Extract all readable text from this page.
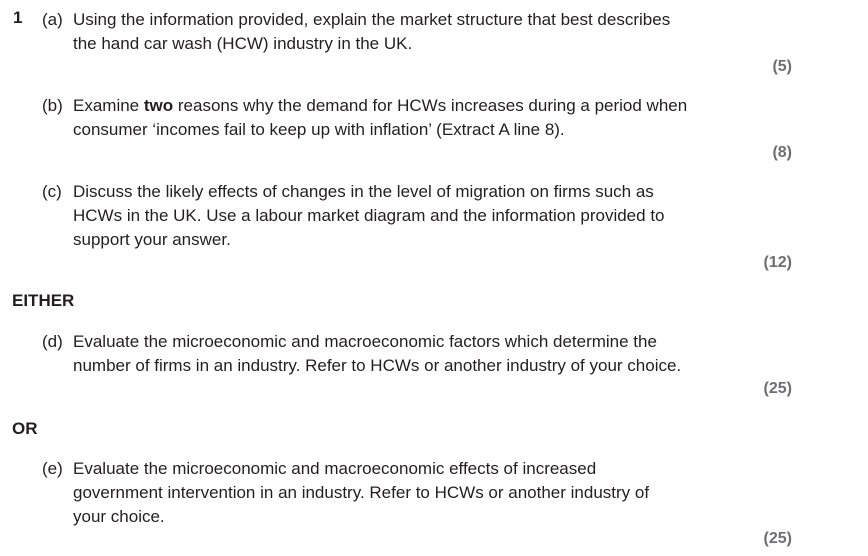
1 (a) Using the information provided, explain the market structure that best describes
the hand car wash (HCW) industry in the UK.
(5)
(b) Examine two reasons why the demand for HCWs increases during a period when
consumer ‘incomes fail to keep up with inflation’ (Extract A line 8).
(8)
(c) Discuss the likely effects of changes in the level of migration on firms such as
HCWs in the UK. Use a labour market diagram and the information provided to
support your answer.
(12)
EITHER
(d) Evaluate the microeconomic and macroeconomic factors which determine the
number of firms in an industry. Refer to HCWs or another industry of your choice.
(25)
OR
(e) Evaluate the microeconomic and macroeconomic effects of increased
government intervention in an industry. Refer to HCWs or another industry of
your choice.
(25)
